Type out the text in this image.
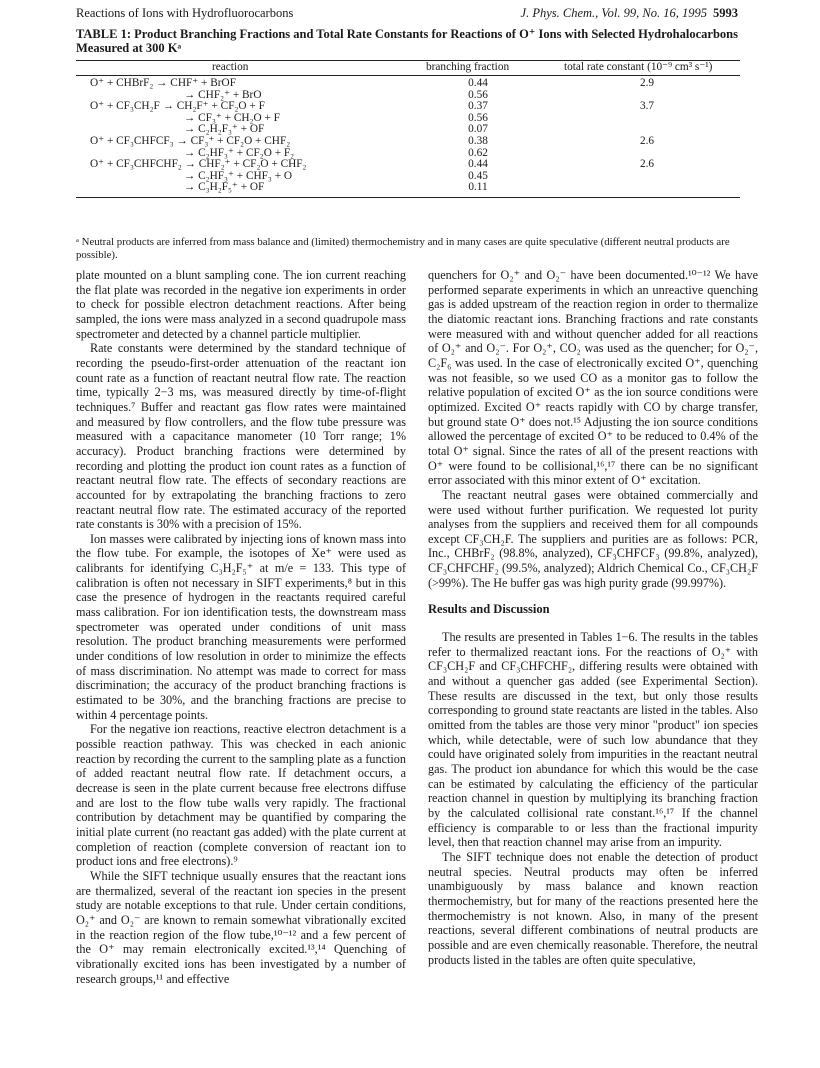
Reactions of Ions with Hydrofluorocarbons	J. Phys. Chem., Vol. 99, No. 16, 1995 5993
TABLE 1: Product Branching Fractions and Total Rate Constants for Reactions of O⁺ Ions with Selected Hydrohalocarbons Measured at 300 Kᵃ
reaction	branching fraction	total rate constant (10⁻⁹ cm³ s⁻¹)
O⁺ + CHBrF₂ → CHF⁺ + BrOF	0.44	2.9
→ CHF₂⁺ + BrO	0.56
O⁺ + CF₃CH₂F → CH₂F⁺ + CF₂O + F	0.37	3.7
→ CF₃⁺ + CH₂O + F	0.56
→ C₂H₂F₃⁺ + OF	0.07
O⁺ + CF₃CHFCF₃ → CF₃⁺ + CF₂O + CHF₂	0.38	2.6
→ C₂HF₃⁺ + CF₂O + F₂	0.62
O⁺ + CF₃CHFCHF₂ → CHF₂⁺ + CF₂O + CHF₂	0.44	2.6
→ C₂HF₃⁺ + CHF₃ + O	0.45
→ C₃H₂F₅⁺ + OF	0.11
ᵃ Neutral products are inferred from mass balance and (limited) thermochemistry and in many cases are quite speculative (different neutral products are possible).

plate mounted on a blunt sampling cone. The ion current reaching the flat plate was recorded in the negative ion experiments in order to check for possible electron detachment reactions. After being sampled, the ions were mass analyzed in a second quadrupole mass spectrometer and detected by a channel particle multiplier.

Rate constants were determined by the standard technique of recording the pseudo-first-order attenuation of the reactant ion count rate as a function of reactant neutral flow rate. The reaction time, typically 2−3 ms, was measured directly by time-of-flight techniques.⁷ Buffer and reactant gas flow rates were maintained and measured by flow controllers, and the flow tube pressure was measured with a capacitance manometer (10 Torr range; 1% accuracy). Product branching fractions were determined by recording and plotting the product ion count rates as a function of reactant neutral flow rate. The effects of secondary reactions are accounted for by extrapolating the branching fractions to zero reactant neutral flow rate. The estimated accuracy of the reported rate constants is 30% with a precision of 15%.

Ion masses were calibrated by injecting ions of known mass into the flow tube. For example, the isotopes of Xe⁺ were used as calibrants for identifying C₃H₂F₅⁺ at m/e = 133. This type of calibration is often not necessary in SIFT experiments,⁸ but in this case the presence of hydrogen in the reactants required careful mass calibration. For ion identification tests, the downstream mass spectrometer was operated under conditions of unit mass resolution. The product branching measurements were performed under conditions of low resolution in order to minimize the effects of mass discrimination. No attempt was made to correct for mass discrimination; the accuracy of the product branching fractions is estimated to be 30%, and the branching fractions are precise to within 4 percentage points.

For the negative ion reactions, reactive electron detachment is a possible reaction pathway. This was checked in each anionic reaction by recording the current to the sampling plate as a function of added reactant neutral flow rate. If detachment occurs, a decrease is seen in the plate current because free electrons diffuse and are lost to the flow tube walls very rapidly. The fractional contribution by detachment may be quantified by comparing the initial plate current (no reactant gas added) with the plate current at completion of reaction (complete conversion of reactant ion to product ions and free electrons).⁹

While the SIFT technique usually ensures that the reactant ions are thermalized, several of the reactant ion species in the present study are notable exceptions to that rule. Under certain conditions, O₂⁺ and O₂⁻ are known to remain somewhat vibrationally excited in the reaction region of the flow tube,¹⁰⁻¹² and a few percent of the O⁺ may remain electronically excited.¹³,¹⁴ Quenching of vibrationally excited ions has been investigated by a number of research groups,¹¹ and effective

quenchers for O₂⁺ and O₂⁻ have been documented.¹⁰⁻¹² We have performed separate experiments in which an unreactive quenching gas is added upstream of the reaction region in order to thermalize the diatomic reactant ions. Branching fractions and rate constants were measured with and without quencher added for all reactions of O₂⁺ and O₂⁻. For O₂⁺, CO₂ was used as the quencher; for O₂⁻, C₂F₆ was used. In the case of electronically excited O⁺, quenching was not feasible, so we used CO as a monitor gas to follow the relative population of excited O⁺ as the ion source conditions were optimized. Excited O⁺ reacts rapidly with CO by charge transfer, but ground state O⁺ does not.¹⁵ Adjusting the ion source conditions allowed the percentage of excited O⁺ to be reduced to 0.4% of the total O⁺ signal. Since the rates of all of the present reactions with O⁺ were found to be collisional,¹⁶,¹⁷ there can be no significant error associated with this minor extent of O⁺ excitation.

The reactant neutral gases were obtained commercially and were used without further purification. We requested lot purity analyses from the suppliers and received them for all compounds except CF₃CH₂F. The suppliers and purities are as follows: PCR, Inc., CHBrF₂ (98.8%, analyzed), CF₃CHFCF₃ (99.8%, analyzed), CF₃CHFCHF₂ (99.5%, analyzed); Aldrich Chemical Co., CF₃CH₂F (>99%). The He buffer gas was high purity grade (99.997%).

Results and Discussion

The results are presented in Tables 1−6. The results in the tables refer to thermalized reactant ions. For the reactions of O₂⁺ with CF₃CH₂F and CF₃CHFCHF₂, differing results were obtained with and without a quencher gas added (see Experimental Section). These results are discussed in the text, but only those results corresponding to ground state reactants are listed in the tables. Also omitted from the tables are those very minor "product" ion species which, while detectable, were of such low abundance that they could have originated solely from impurities in the reactant neutral gas. The product ion abundance for which this would be the case can be estimated by calculating the efficiency of the particular reaction channel in question by multiplying its branching fraction by the calculated collisional rate constant.¹⁶,¹⁷ If the channel efficiency is comparable to or less than the fractional impurity level, then that reaction channel may arise from an impurity.

The SIFT technique does not enable the detection of product neutral species. Neutral products may often be inferred unambiguously by mass balance and known reaction thermochemistry, but for many of the reactions presented here the thermochemistry is not known. Also, in many of the present reactions, several different combinations of neutral products are possible and are even chemically reasonable. Therefore, the neutral products listed in the tables are often quite speculative,
